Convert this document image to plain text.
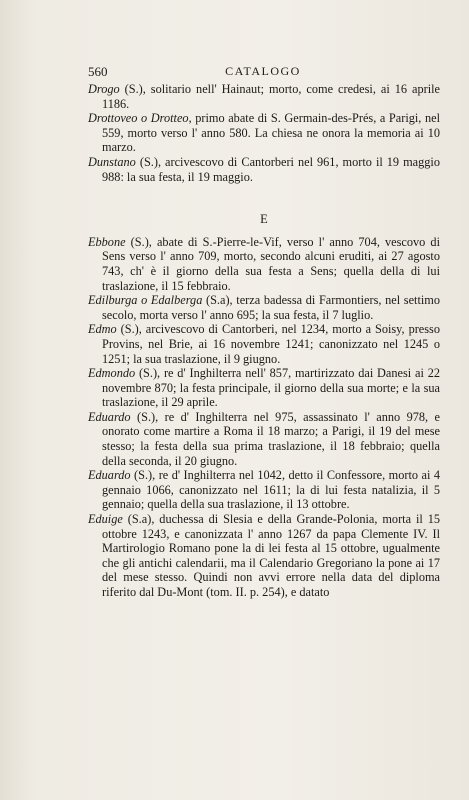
560	CATALOGO

Drogo (S.), solitario nell' Hainaut; morto, come credesi, ai 16 aprile 1186.

Drottoveo o Drotteo, primo abate di S. Germain-des-Prés, a Parigi, nel 559, morto verso l' anno 580. La chiesa ne onora la memoria ai 10 marzo.

Dunstano (S.), arcivescovo di Cantorberi nel 961, morto il 19 maggio 988: la sua festa, il 19 maggio.

E

Ebbone (S.), abate di S.-Pierre-le-Vif, verso l' anno 704, vescovo di Sens verso l' anno 709, morto, secondo alcuni eruditi, ai 27 agosto 743, ch' è il giorno della sua festa a Sens; quella della di lui traslazione, il 15 febbraio.

Edilburga o Edalberga (S.a), terza badessa di Farmontiers, nel settimo secolo, morta verso l' anno 695; la sua festa, il 7 luglio.

Edmo (S.), arcivescovo di Cantorberi, nel 1234, morto a Soisy, presso Provins, nel Brie, ai 16 novembre 1241; canonizzato nel 1245 o 1251; la sua traslazione, il 9 giugno.

Edmondo (S.), re d' Inghilterra nell' 857, martirizzato dai Danesi ai 22 novembre 870; la festa principale, il giorno della sua morte; e la sua traslazione, il 29 aprile.

Eduardo (S.), re d' Inghilterra nel 975, assassinato l' anno 978, e onorato come martire a Roma il 18 marzo; a Parigi, il 19 del mese stesso; la festa della sua prima traslazione, il 18 febbraio; quella della seconda, il 20 giugno.

Eduardo (S.), re d' Inghilterra nel 1042, detto il Confessore, morto ai 4 gennaio 1066, canonizzato nel 1611; la di lui festa natalizia, il 5 gennaio; quella della sua traslazione, il 13 ottobre.

Eduige (S.a), duchessa di Slesia e della Grande-Polonia, morta il 15 ottobre 1243, e canonizzata l' anno 1267 da papa Clemente IV. Il Martirologio Romano pone la di lei festa al 15 ottobre, ugualmente che gli antichi calendarii, ma il Calendario Gregoriano la pone ai 17 del mese stesso. Quindi non avvi errore nella data del diploma riferito dal Du-Mont (tom. II. p. 254), e datato
